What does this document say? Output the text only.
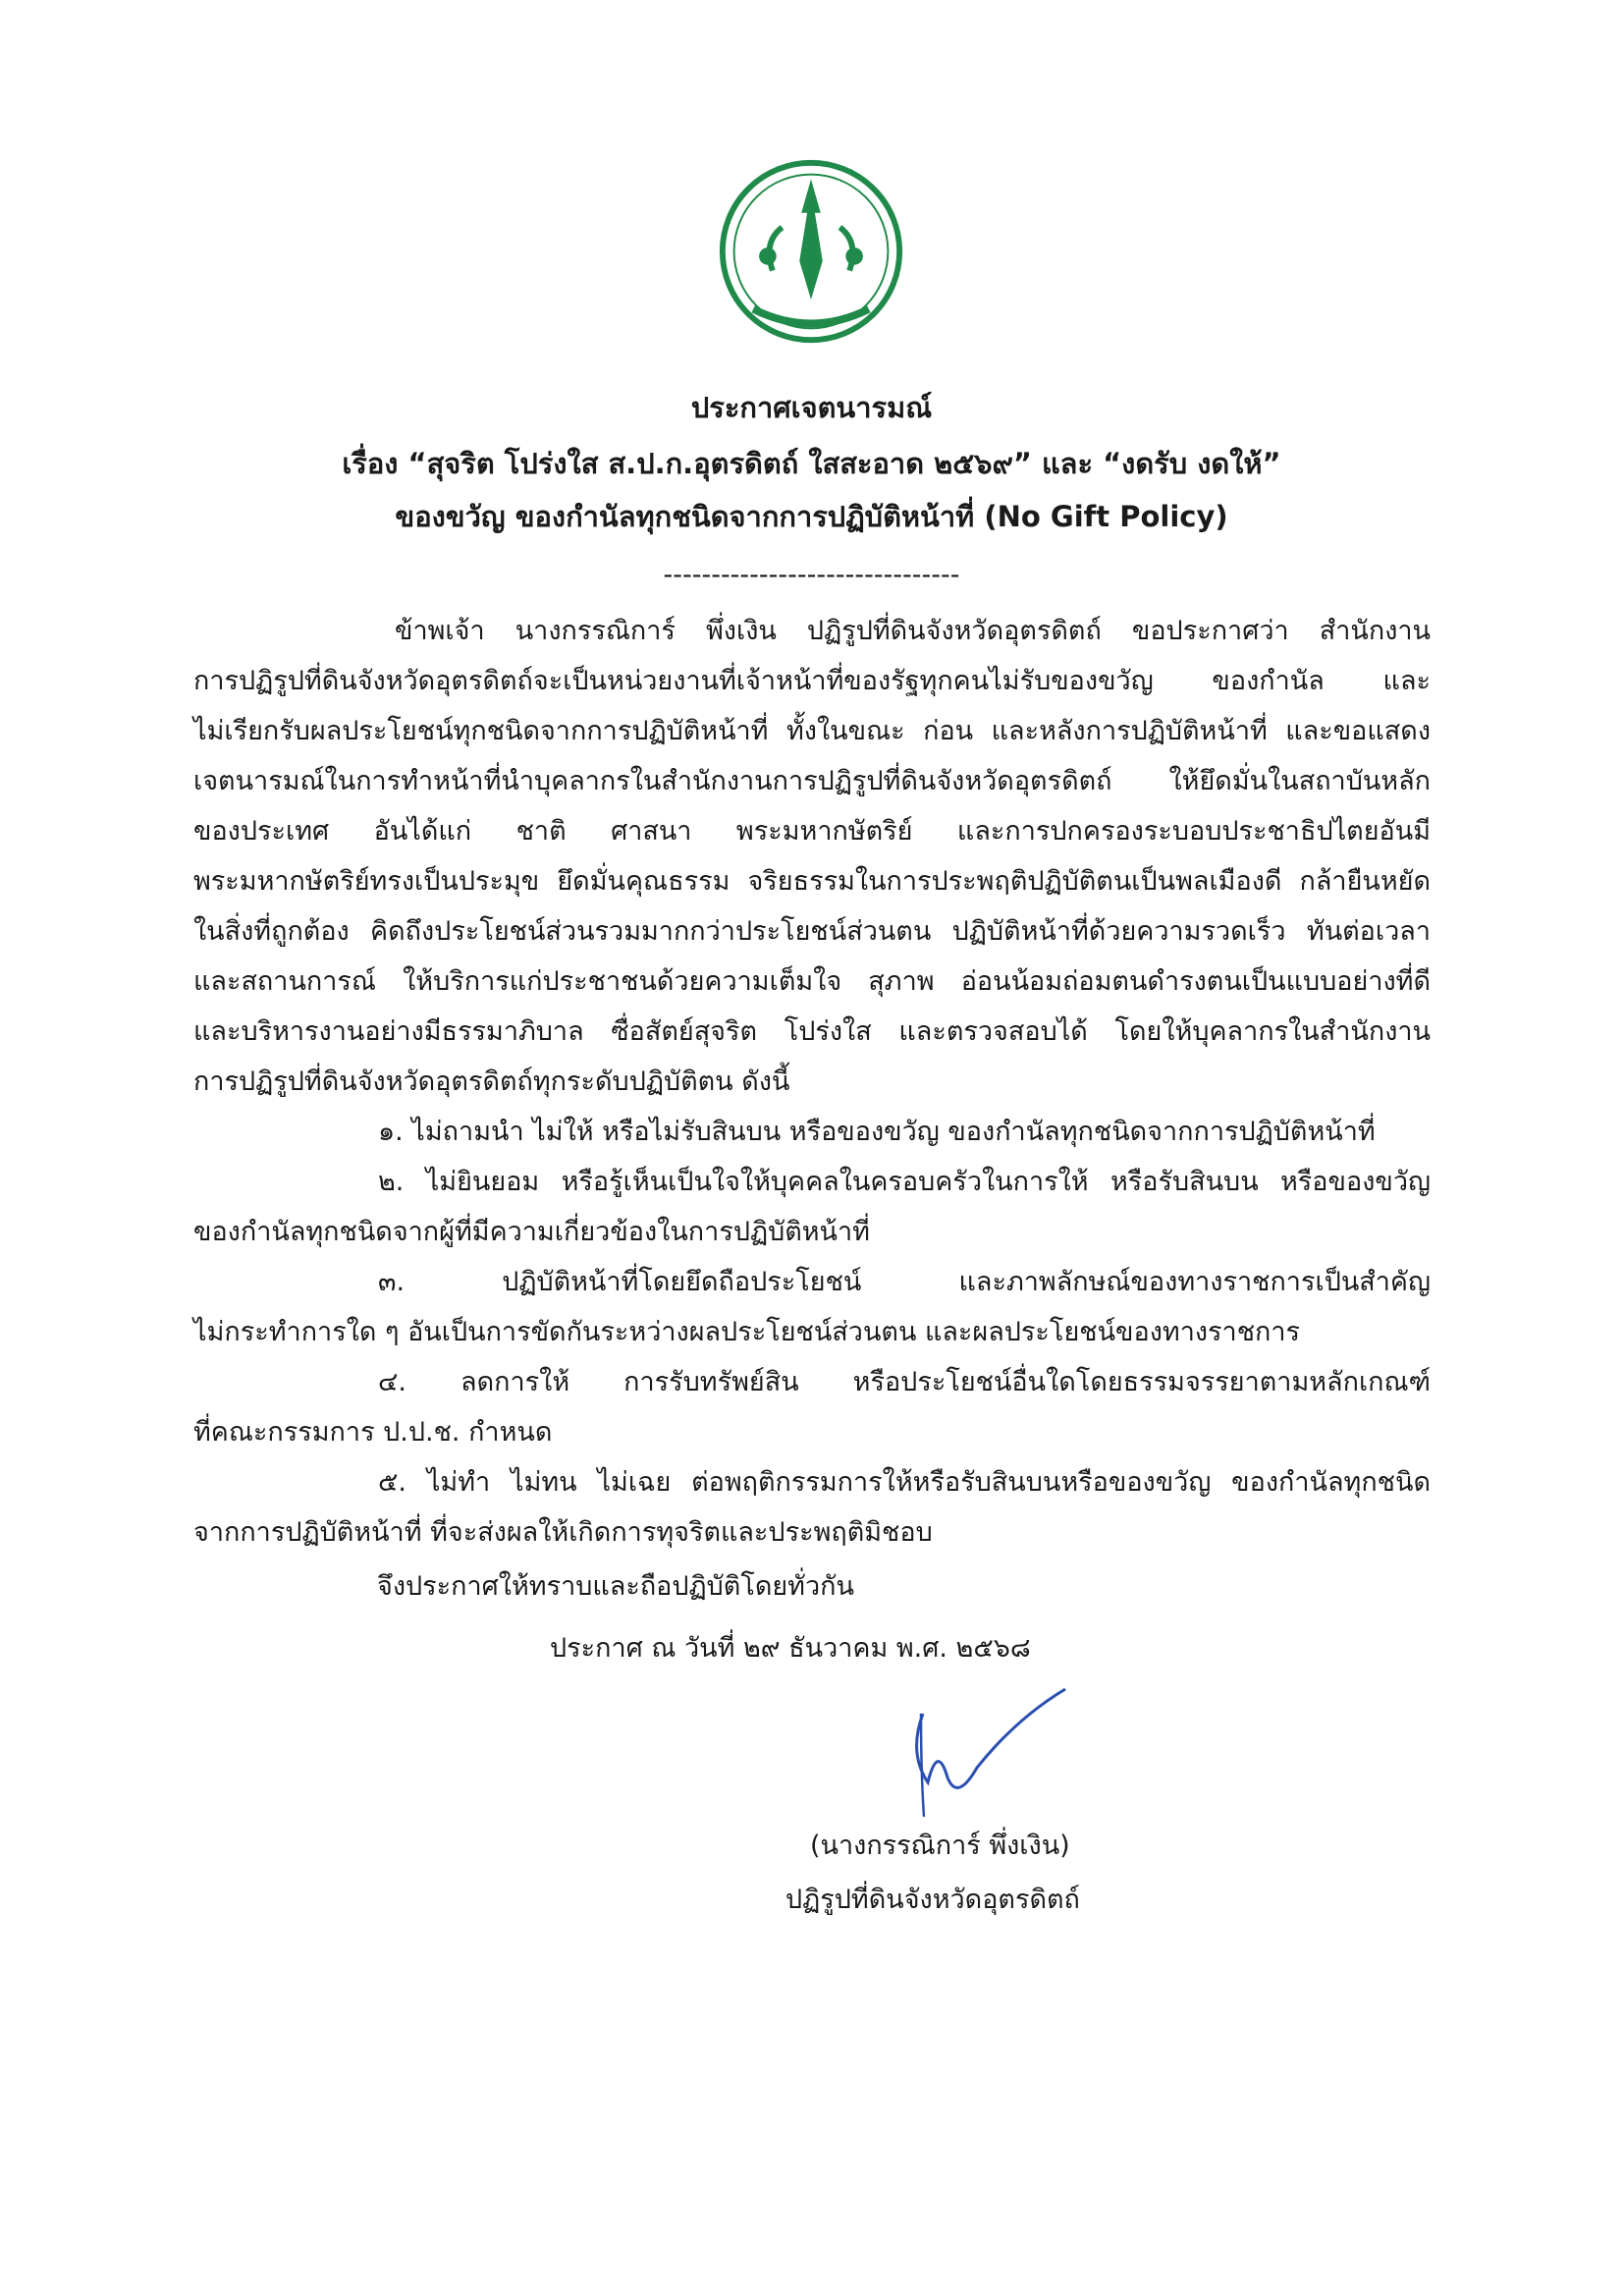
ประกาศเจตนารมณ์
เรื่อง “สุจริต โปร่งใส ส.ป.ก.อุตรดิตถ์ ใสสะอาด ๒๕๖๙” และ “งดรับ งดให้”
ของขวัญ ของกำนัลทุกชนิดจากการปฏิบัติหน้าที่ (No Gift Policy)
-------------------------------
ข้าพเจ้า นางกรรณิการ์ พึ่งเงิน ปฏิรูปที่ดินจังหวัดอุตรดิตถ์ ขอประกาศว่า สำนักงาน
การปฏิรูปที่ดินจังหวัดอุตรดิตถ์จะเป็นหน่วยงานที่เจ้าหน้าที่ของรัฐทุกคนไม่รับของขวัญ ของกำนัล และ
ไม่เรียกรับผลประโยชน์ทุกชนิดจากการปฏิบัติหน้าที่ ทั้งในขณะ ก่อน และหลังการปฏิบัติหน้าที่ และขอแสดง
เจตนารมณ์ในการทำหน้าที่นำบุคลากรในสำนักงานการปฏิรูปที่ดินจังหวัดอุตรดิตถ์ ให้ยึดมั่นในสถาบันหลัก
ของประเทศ อันได้แก่ ชาติ ศาสนา พระมหากษัตริย์ และการปกครองระบอบประชาธิปไตยอันมี
พระมหากษัตริย์ทรงเป็นประมุข ยึดมั่นคุณธรรม จริยธรรมในการประพฤติปฏิบัติตนเป็นพลเมืองดี กล้ายืนหยัด
ในสิ่งที่ถูกต้อง คิดถึงประโยชน์ส่วนรวมมากกว่าประโยชน์ส่วนตน ปฏิบัติหน้าที่ด้วยความรวดเร็ว ทันต่อเวลา
และสถานการณ์ ให้บริการแก่ประชาชนด้วยความเต็มใจ สุภาพ อ่อนน้อมถ่อมตนดำรงตนเป็นแบบอย่างที่ดี
และบริหารงานอย่างมีธรรมาภิบาล ซื่อสัตย์สุจริต โปร่งใส และตรวจสอบได้ โดยให้บุคลากรในสำนักงาน
การปฏิรูปที่ดินจังหวัดอุตรดิตถ์ทุกระดับปฏิบัติตน ดังนี้
๑. ไม่ถามนำ ไม่ให้ หรือไม่รับสินบน หรือของขวัญ ของกำนัลทุกชนิดจากการปฏิบัติหน้าที่
๒. ไม่ยินยอม หรือรู้เห็นเป็นใจให้บุคคลในครอบครัวในการให้ หรือรับสินบน หรือของขวัญ
ของกำนัลทุกชนิดจากผู้ที่มีความเกี่ยวข้องในการปฏิบัติหน้าที่
๓. ปฏิบัติหน้าที่โดยยึดถือประโยชน์ และภาพลักษณ์ของทางราชการเป็นสำคัญ
ไม่กระทำการใด ๆ อันเป็นการขัดกันระหว่างผลประโยชน์ส่วนตน และผลประโยชน์ของทางราชการ
๔. ลดการให้ การรับทรัพย์สิน หรือประโยชน์อื่นใดโดยธรรมจรรยาตามหลักเกณฑ์
ที่คณะกรรมการ ป.ป.ช. กำหนด
๕. ไม่ทำ ไม่ทน ไม่เฉย ต่อพฤติกรรมการให้หรือรับสินบนหรือของขวัญ ของกำนัลทุกชนิด
จากการปฏิบัติหน้าที่ ที่จะส่งผลให้เกิดการทุจริตและประพฤติมิชอบ
จึงประกาศให้ทราบและถือปฏิบัติโดยทั่วกัน
ประกาศ ณ วันที่ ๒๙ ธันวาคม พ.ศ. ๒๕๖๘
(นางกรรณิการ์ พึ่งเงิน)
ปฏิรูปที่ดินจังหวัดอุตรดิตถ์
